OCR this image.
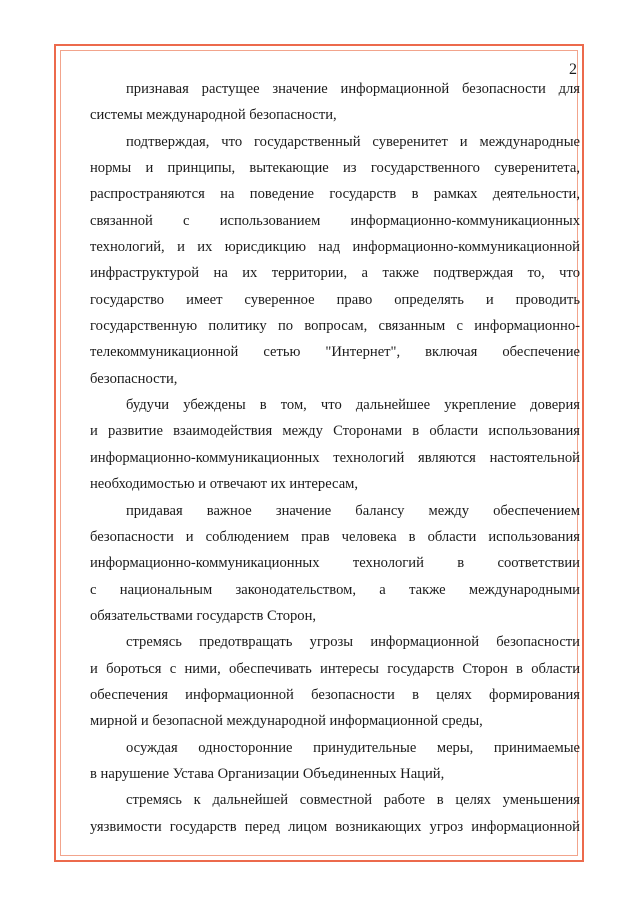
2
признавая растущее значение информационной безопасности для
системы международной безопасности,
подтверждая, что государственный суверенитет и международные
нормы и принципы, вытекающие из государственного суверенитета,
распространяются на поведение государств в рамках деятельности,
связанной с использованием информационно-коммуникационных
технологий, и их юрисдикцию над информационно-коммуникационной
инфраструктурой на их территории, а также подтверждая то, что
государство имеет суверенное право определять и проводить
государственную политику по вопросам, связанным с информационно-
телекоммуникационной сетью "Интернет", включая обеспечение
безопасности,
будучи убеждены в том, что дальнейшее укрепление доверия
и развитие взаимодействия между Сторонами в области использования
информационно-коммуникационных технологий являются настоятельной
необходимостью и отвечают их интересам,
придавая важное значение балансу между обеспечением
безопасности и соблюдением прав человека в области использования
информационно-коммуникационных технологий в соответствии
с национальным законодательством, а также международными
обязательствами государств Сторон,
стремясь предотвращать угрозы информационной безопасности
и бороться с ними, обеспечивать интересы государств Сторон в области
обеспечения информационной безопасности в целях формирования
мирной и безопасной международной информационной среды,
осуждая односторонние принудительные меры, принимаемые
в нарушение Устава Организации Объединенных Наций,
стремясь к дальнейшей совместной работе в целях уменьшения
уязвимости государств перед лицом возникающих угроз информационной
